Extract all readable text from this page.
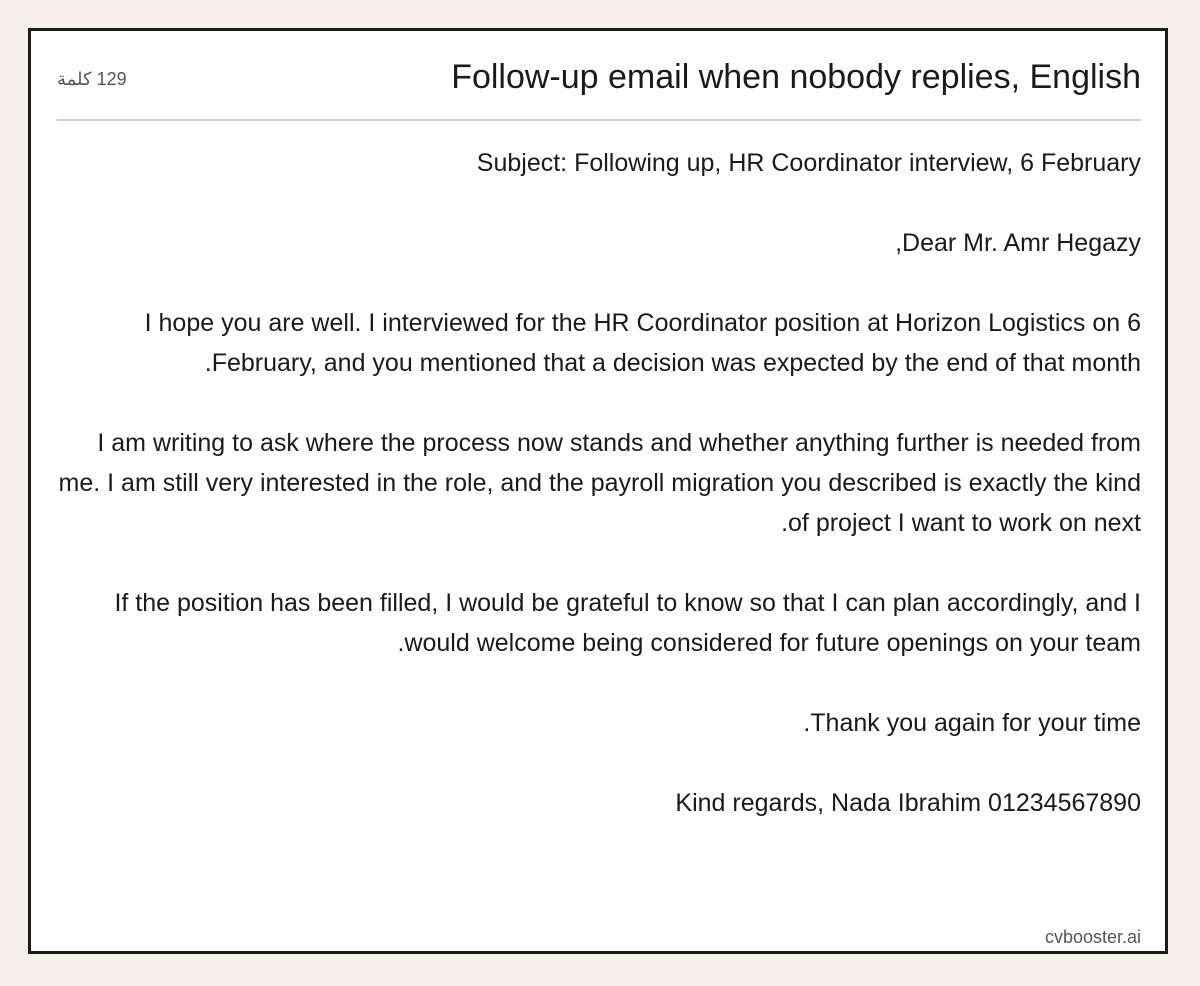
Follow-up email when nobody replies, English
129 كلمة

Subject: Following up, HR Coordinator interview, 6 February

Dear Mr. Amr Hegazy,

I hope you are well. I interviewed for the HR Coordinator position at Horizon Logistics on 6 February, and you mentioned that a decision was expected by the end of that month.

I am writing to ask where the process now stands and whether anything further is needed from me. I am still very interested in the role, and the payroll migration you described is exactly the kind of project I want to work on next.

If the position has been filled, I would be grateful to know so that I can plan accordingly, and I would welcome being considered for future openings on your team.

Thank you again for your time.

Kind regards, Nada Ibrahim 01234567890

cvbooster.ai
